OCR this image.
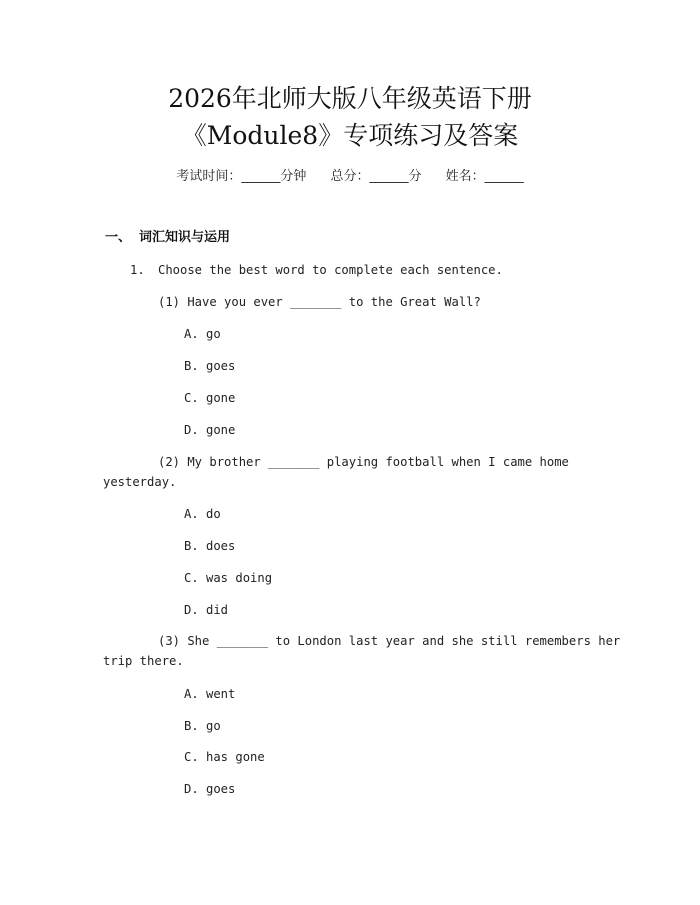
2026年北师大版八年级英语下册
《Module8》专项练习及答案
考试时间：______分钟 总分：______分 姓名：______
一、 词汇知识与运用
1. Choose the best word to complete each sentence.
(1) Have you ever _______ to the Great Wall?
A. go
B. goes
C. gone
D. gone
(2) My brother _______ playing football when I came home
yesterday.
A. do
B. does
C. was doing
D. did
(3) She _______ to London last year and she still remembers her
trip there.
A. went
B. go
C. has gone
D. goes
